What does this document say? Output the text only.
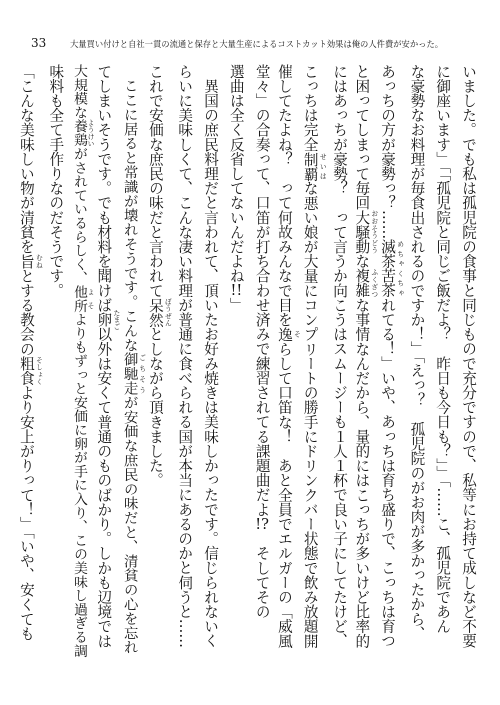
33	大量買い付けと自社一貫の流通と保存と大量生産によるコストカット効果は俺の人件費が安かった。
いました。でも私は孤児院の食事と同じもので充分ですので、私等にお持て成しなど不要
に御座います」「「孤児院と同じご飯だよ？　昨日も今日も？」」「……こ、孤児院であん
な豪勢なお料理が毎食出されるのですか！」「えっ？　孤児院のがお肉が多かったから、
あっちの方が豪勢っ？……滅茶苦茶 めちゃくちゃれてる！」いや、あっちは育ち盛りで、こっちは育つ
と困ってしまって毎回大騒動 おおそうどうな複雑 ふくざつな事情なんだから、量的にはこっちが多いけど比率的
にはあっちが豪勢？　って言うか向こうはスムージーも１人１杯で良い子にしてたけど、
こっちは完全制覇 せいはな悪い娘が大量にコンプリートの勝手にドリンクバー状態で飲み放題開
催してたよね？　って何故みんなで目を逸 そらして口笛な！　あと全員でエルガーの「威風
堂々」の合奏って、口笛が打ち合わせ済みで練習されてる課題曲だよ!?　そしてその
選曲は全く反省してないんだよね!!」
　異国の庶民料理だと言われて、頂いたお好み焼きは美味しかったです。信じられないく
らいに美味しくて、こんな凄い料理が普通に食べられる国が本当にあるのかと伺うと……
これで安価な庶民の味だと言われて呆然 ぼうぜんとしながら頂きました。
　ここに居ると常識が壊れそうです。こんな御馳走 ごちそうが安価な庶民の味だと、清貧の心を忘れ
てしまいそうです。でも材料を聞けば卵 たまご以外は安くて普通のものばかり。しかも辺境では
大規模な養鶏 ようけいがされているらしく、他所 よそよりもずっと安価に卵が手に入り、この美味し過ぎる調
味料も全て手作りなのだそうです。
「こんな美味しい物が清貧を旨 むねとする教会の粗食 そしょくより安上がりって！」「いや、安くても
